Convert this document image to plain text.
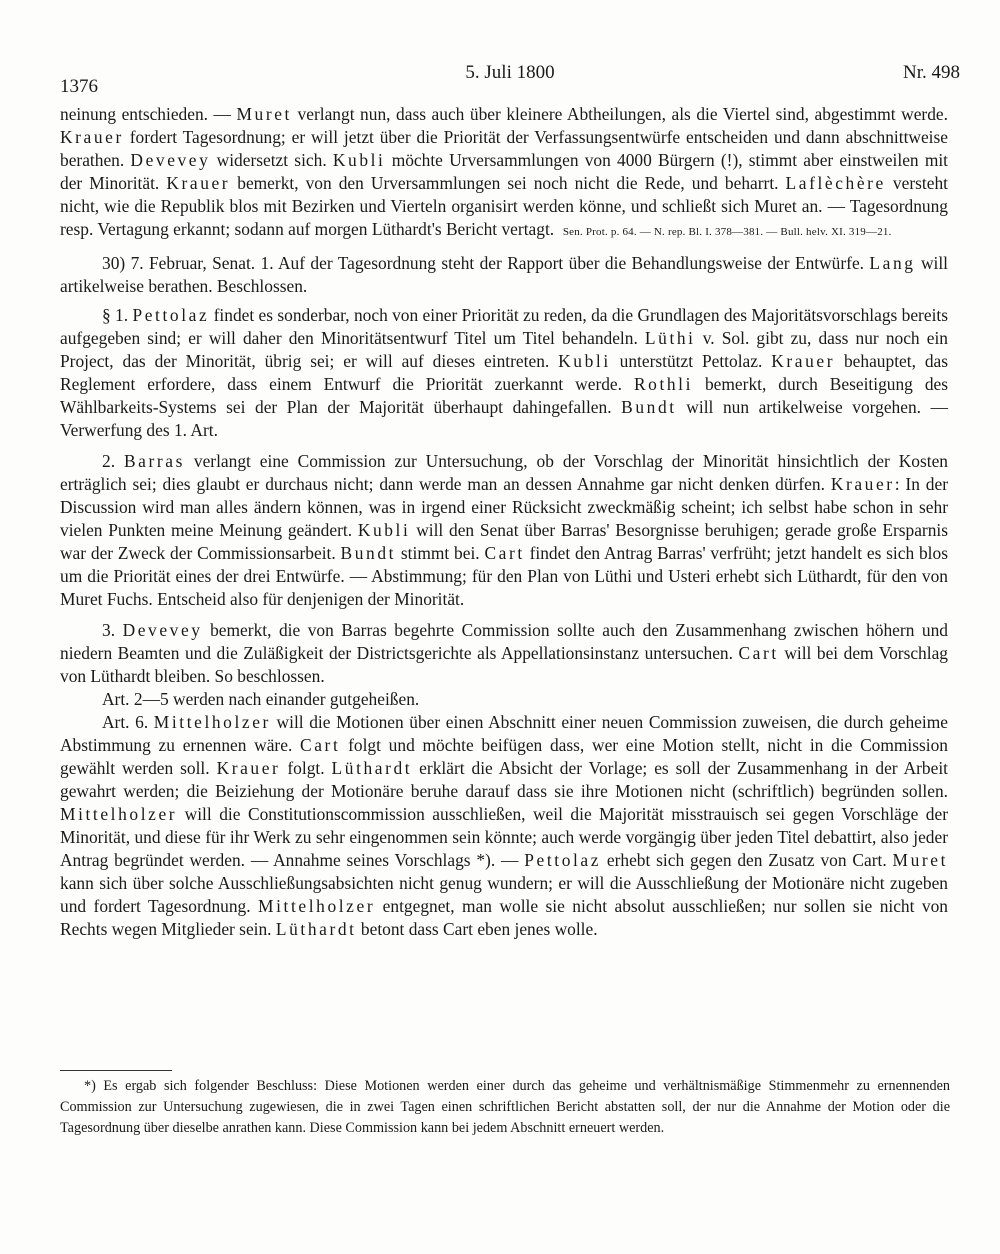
1376
5. Juli 1800	Nr. 498

neinung entschieden. — Muret verlangt nun, dass auch über kleinere Abtheilungen, als die Viertel sind, abgestimmt werde. Krauer fordert Tagesordnung; er will jetzt über die Priorität der Verfassungsentwürfe entscheiden und dann abschnittweise berathen. Devevey widersetzt sich. Kubli möchte Urversammlungen von 4000 Bürgern (!), stimmt aber einstweilen mit der Minorität. Krauer bemerkt, von den Urversammlungen sei noch nicht die Rede, und beharrt. Laflèchère versteht nicht, wie die Republik blos mit Bezirken und Vierteln organisirt werden könne, und schließt sich Muret an. — Tagesordnung resp. Vertagung erkannt; sodann auf morgen Lüthardt's Bericht vertagt. Sen. Prot. p. 64. — N. rep. Bl. I. 378—381. — Bull. helv. XI. 319—21.

30) 7. Februar, Senat. 1. Auf der Tagesordnung steht der Rapport über die Behandlungsweise der Entwürfe. Lang will artikelweise berathen. Beschlossen.

§ 1. Pettolaz findet es sonderbar, noch von einer Priorität zu reden, da die Grundlagen des Majoritätsvorschlags bereits aufgegeben sind; er will daher den Minoritätsentwurf Titel um Titel behandeln. Lüthi v. Sol. gibt zu, dass nur noch ein Project, das der Minorität, übrig sei; er will auf dieses eintreten. Kubli unterstützt Pettolaz. Krauer behauptet, das Reglement erfordere, dass einem Entwurf die Priorität zuerkannt werde. Rothli bemerkt, durch Beseitigung des Wählbarkeits-Systems sei der Plan der Majorität überhaupt dahingefallen. Bundt will nun artikelweise vorgehen. — Verwerfung des 1. Art.

2. Barras verlangt eine Commission zur Untersuchung, ob der Vorschlag der Minorität hinsichtlich der Kosten erträglich sei; dies glaubt er durchaus nicht; dann werde man an dessen Annahme gar nicht denken dürfen. Krauer: In der Discussion wird man alles ändern können, was in irgend einer Rücksicht zweckmäßig scheint; ich selbst habe schon in sehr vielen Punkten meine Meinung geändert. Kubli will den Senat über Barras' Besorgnisse beruhigen; gerade große Ersparnis war der Zweck der Commissionsarbeit. Bundt stimmt bei. Cart findet den Antrag Barras' verfrüht; jetzt handelt es sich blos um die Priorität eines der drei Entwürfe. — Abstimmung; für den Plan von Lüthi und Usteri erhebt sich Lüthardt, für den von Muret Fuchs. Entscheid also für denjenigen der Minorität.

3. Devevey bemerkt, die von Barras begehrte Commission sollte auch den Zusammenhang zwischen höhern und niedern Beamten und die Zuläßigkeit der Districtsgerichte als Appellationsinstanz untersuchen. Cart will bei dem Vorschlag von Lüthardt bleiben. So beschlossen.

Art. 2—5 werden nach einander gutgeheißen.

Art. 6. Mittelholzer will die Motionen über einen Abschnitt einer neuen Commission zuweisen, die durch geheime Abstimmung zu ernennen wäre. Cart folgt und möchte beifügen dass, wer eine Motion stellt, nicht in die Commission gewählt werden soll. Krauer folgt. Lüthardt erklärt die Absicht der Vorlage; es soll der Zusammenhang in der Arbeit gewahrt werden; die Beiziehung der Motionäre beruhe darauf dass sie ihre Motionen nicht (schriftlich) begründen sollen. Mittelholzer will die Constitutionscommission ausschließen, weil die Majorität misstrauisch sei gegen Vorschläge der Minorität, und diese für ihr Werk zu sehr eingenommen sein könnte; auch werde vorgängig über jeden Titel debattirt, also jeder Antrag begründet werden. — Annahme seines Vorschlags *). — Pettolaz erhebt sich gegen den Zusatz von Cart. Muret kann sich über solche Ausschließungsabsichten nicht genug wundern; er will die Ausschließung der Motionäre nicht zugeben und fordert Tagesordnung. Mittelholzer entgegnet, man wolle sie nicht absolut ausschließen; nur sollen sie nicht von Rechts wegen Mitglieder sein. Lüthardt betont dass Cart eben jenes wolle.

*) Es ergab sich folgender Beschluss: Diese Motionen werden einer durch das geheime und verhältnismäßige Stimmenmehr zu ernennenden Commission zur Untersuchung zugewiesen, die in zwei Tagen einen schriftlichen Bericht abstatten soll, der nur die Annahme der Motion oder die Tagesordnung über dieselbe anrathen kann. Diese Commission kann bei jedem Abschnitt erneuert werden.
